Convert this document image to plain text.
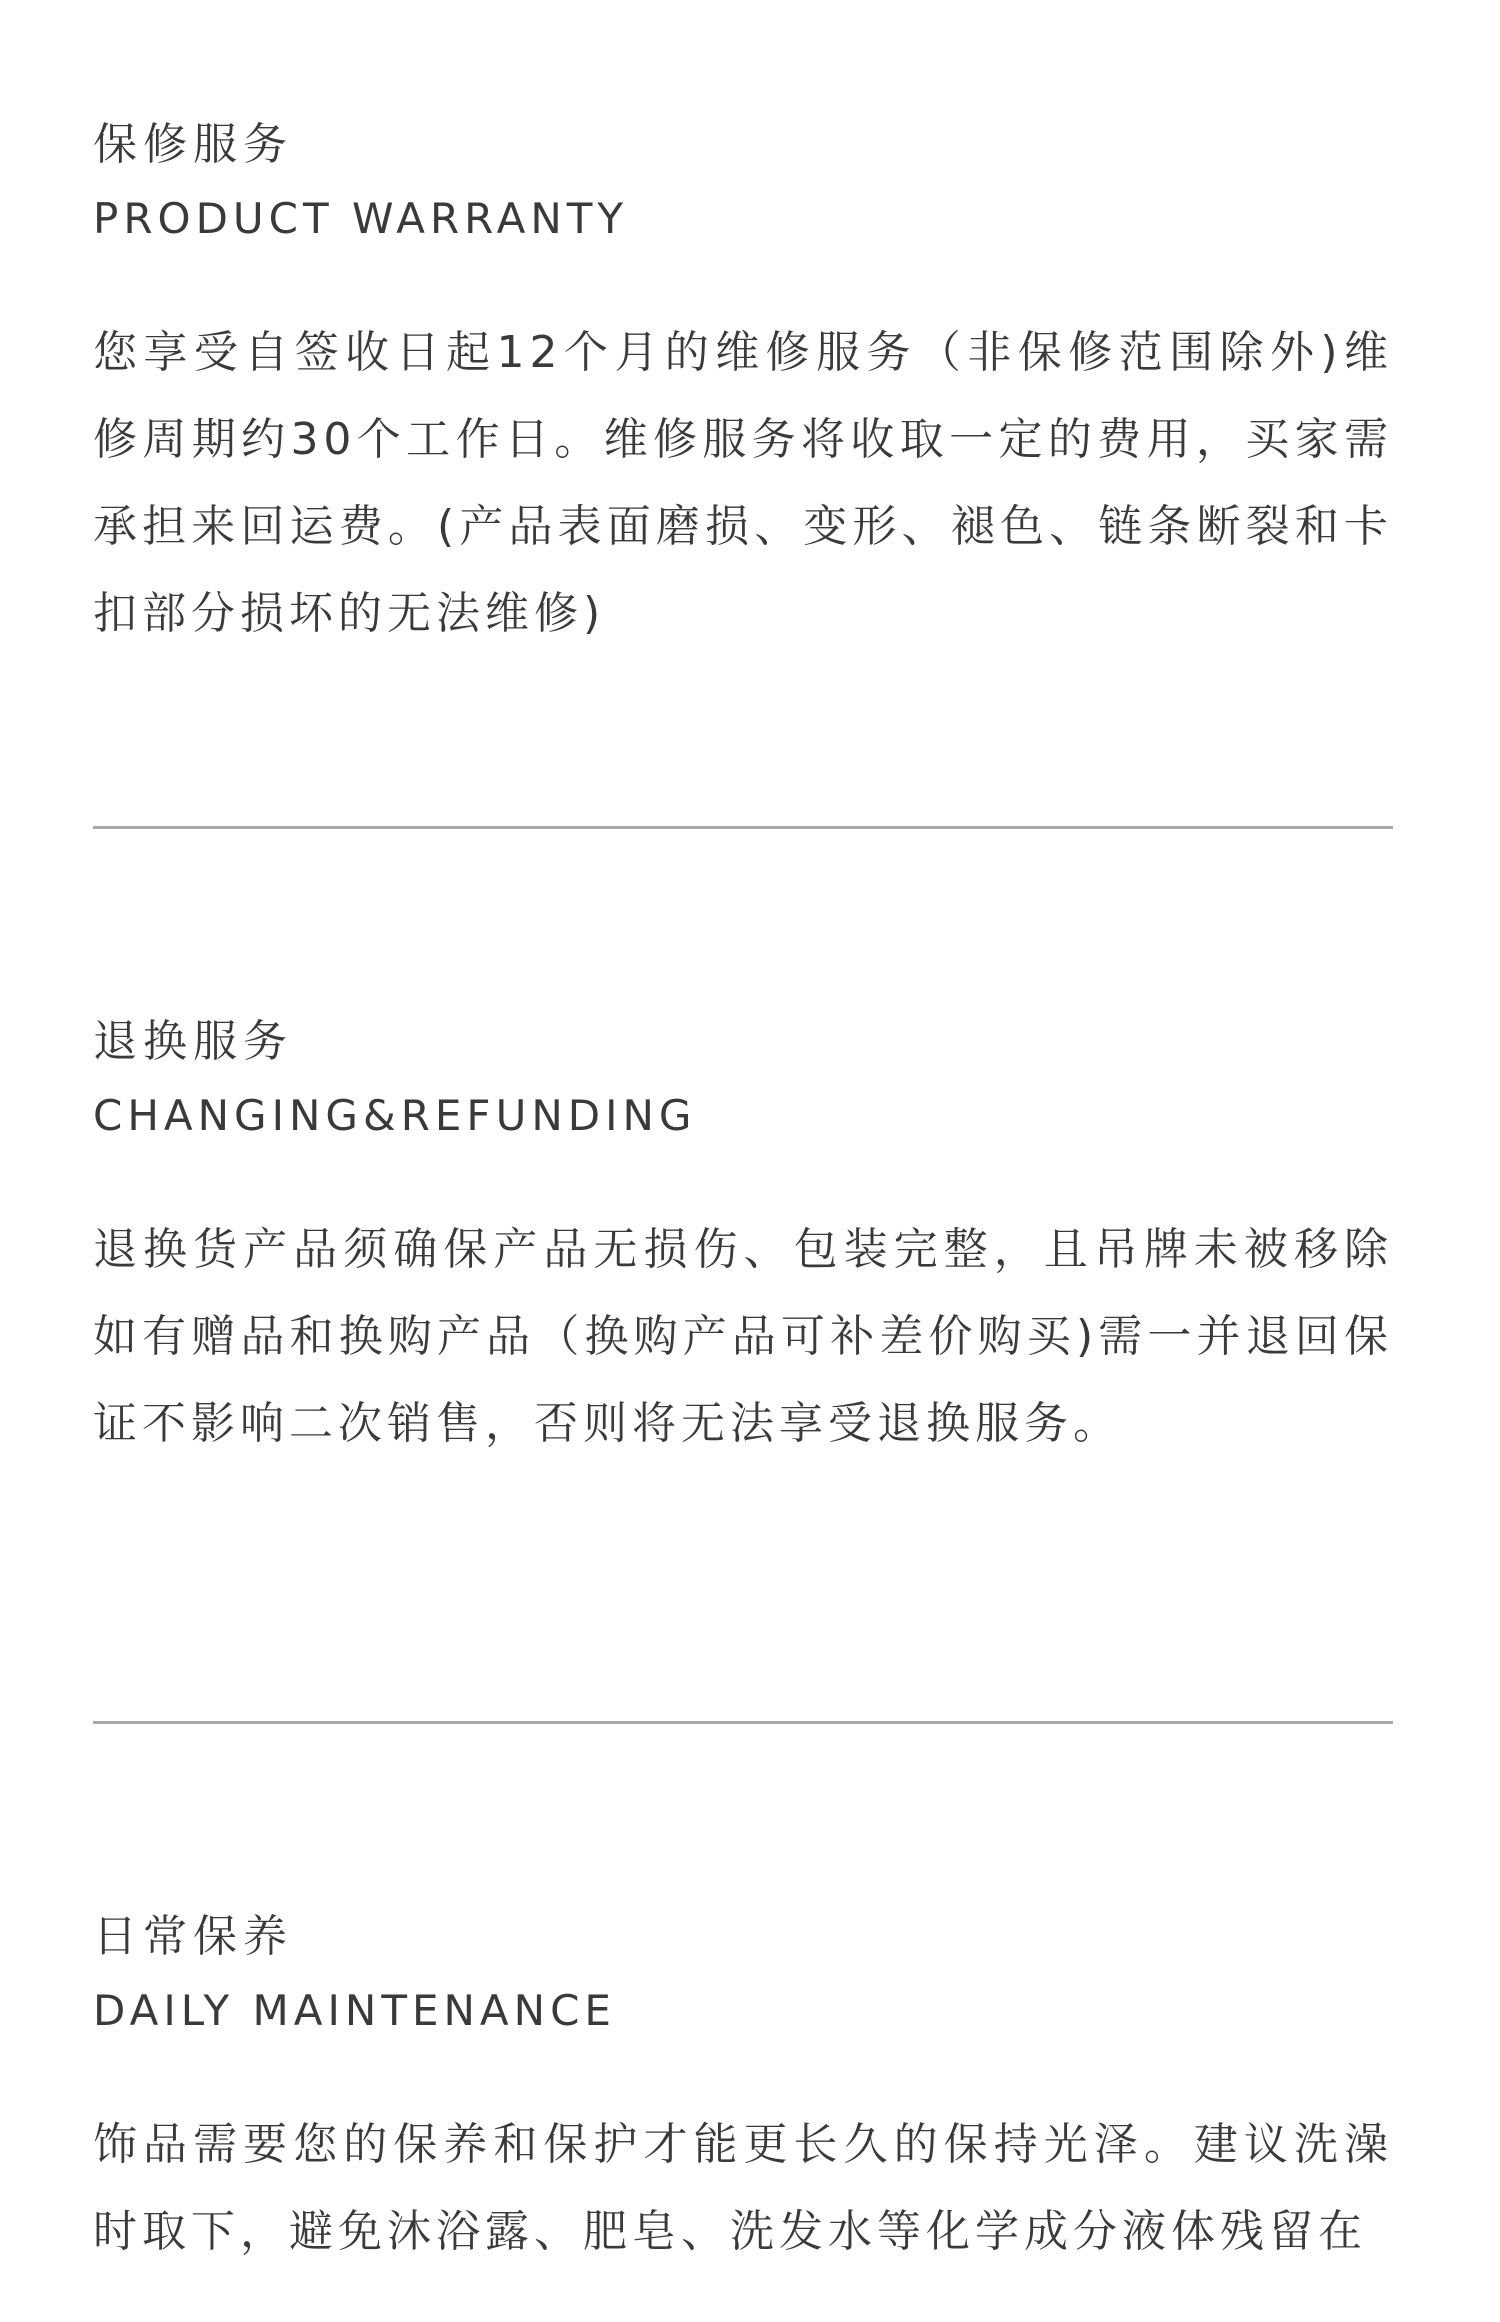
保修服务
PRODUCT WARRANTY
您享受自签收日起12个月的维修服务（非保修范围除外)维修周期约30个工作日。维修服务将收取一定的费用，买家需承担来回运费。(产品表面磨损、变形、褪色、链条断裂和卡扣部分损坏的无法维修)
退换服务
CHANGING&REFUNDING
退换货产品须确保产品无损伤、包装完整，且吊牌未被移除如有赠品和换购产品（换购产品可补差价购买)需一并退回保证不影响二次销售，否则将无法享受退换服务。
日常保养
DAILY MAINTENANCE
饰品需要您的保养和保护才能更长久的保持光泽。建议洗澡时取下，避免沐浴露、肥皂、洗发水等化学成分液体残留在
